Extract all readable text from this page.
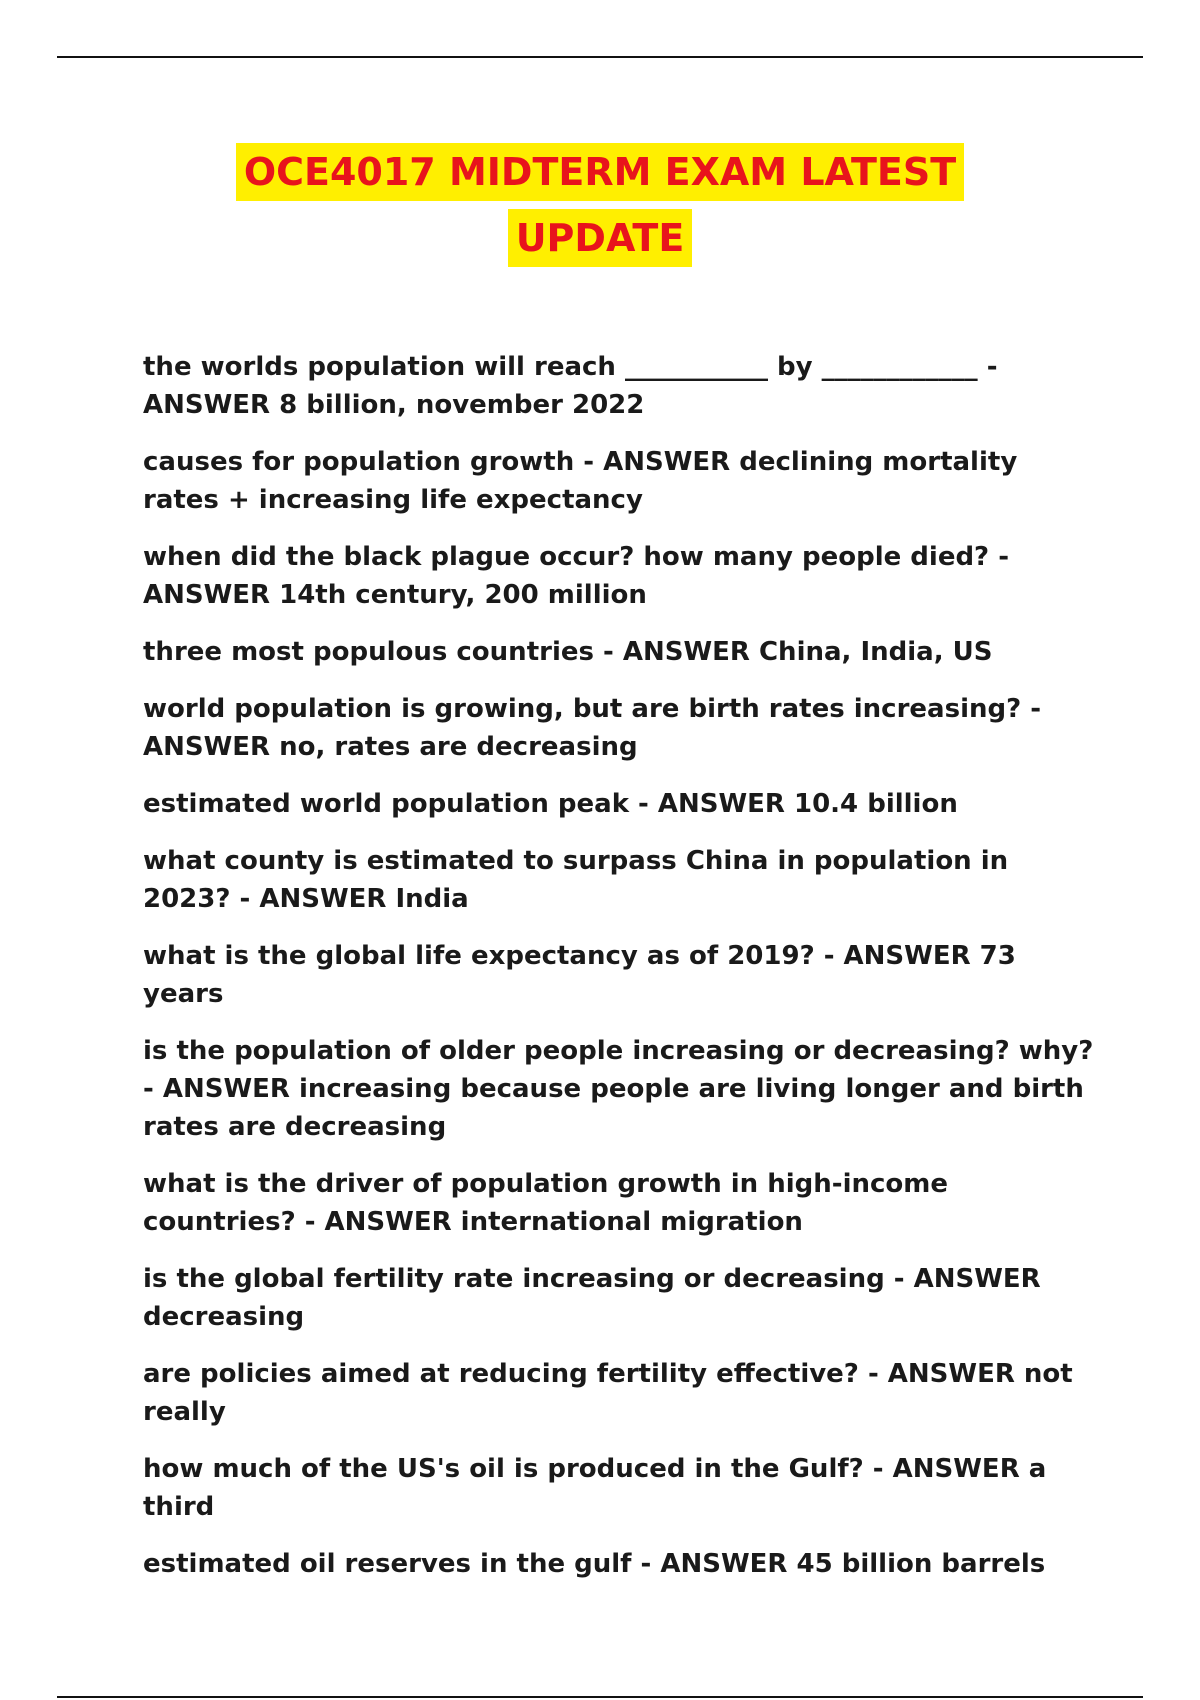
OCE4017 MIDTERM EXAM LATEST
UPDATE
the worlds population will reach ___________ by ____________ - ANSWER 8 billion, november 2022
causes for population growth - ANSWER declining mortality rates + increasing life expectancy
when did the black plague occur? how many people died? - ANSWER 14th century, 200 million
three most populous countries - ANSWER China, India, US
world population is growing, but are birth rates increasing? - ANSWER no, rates are decreasing
estimated world population peak - ANSWER 10.4 billion
what county is estimated to surpass China in population in 2023? - ANSWER India
what is the global life expectancy as of 2019? - ANSWER 73 years
is the population of older people increasing or decreasing? why? - ANSWER increasing because people are living longer and birth rates are decreasing
what is the driver of population growth in high-income countries? - ANSWER international migration
is the global fertility rate increasing or decreasing - ANSWER decreasing
are policies aimed at reducing fertility effective? - ANSWER not really
how much of the US's oil is produced in the Gulf? - ANSWER a third
estimated oil reserves in the gulf - ANSWER 45 billion barrels
